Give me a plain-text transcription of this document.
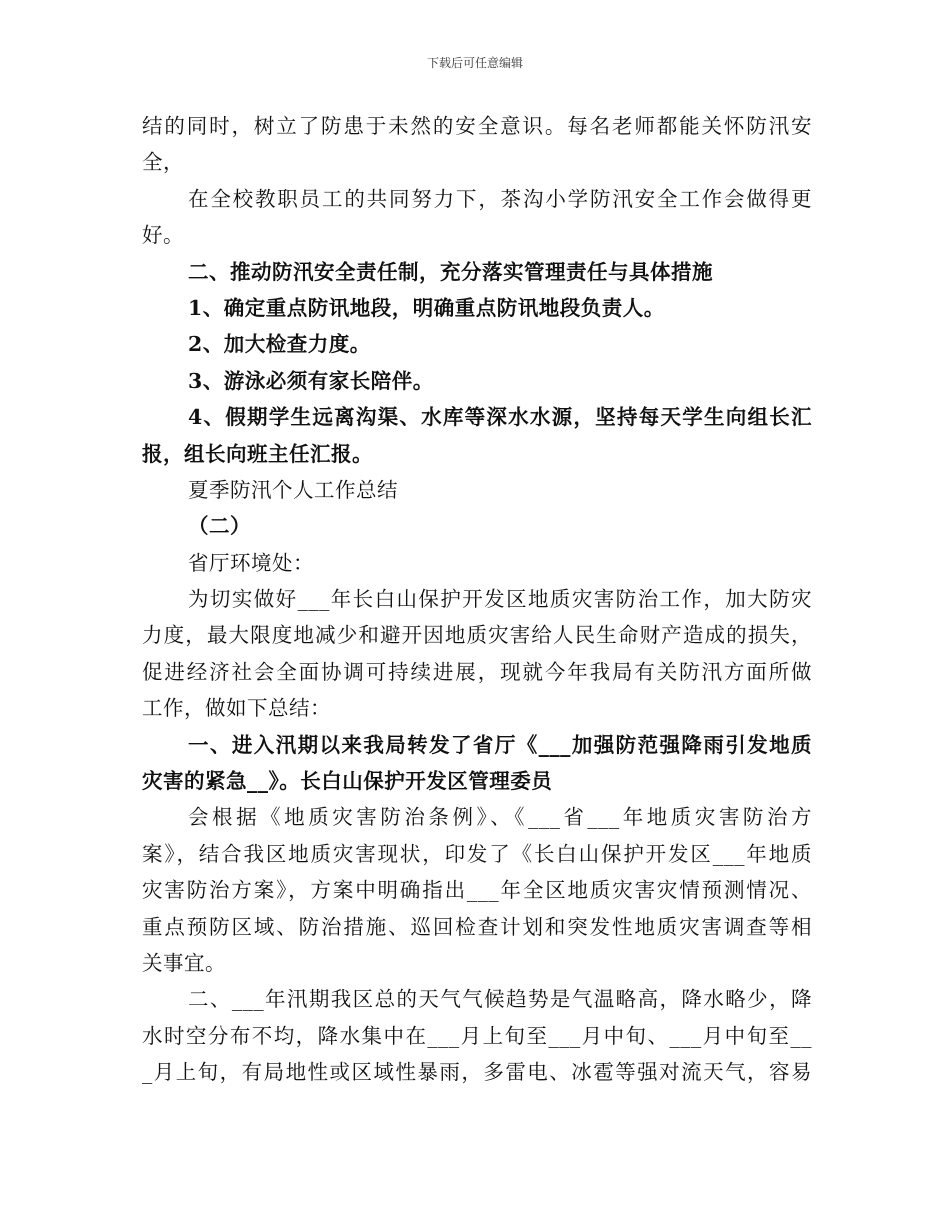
下载后可任意编辑
结的同时，树立了防患于未然的安全意识。每名老师都能关怀防汛安
全，
在全校教职员工的共同努力下，茶沟小学防汛安全工作会做得更
好。
二、推动防汛安全责任制，充分落实管理责任与具体措施
1、确定重点防讯地段，明确重点防讯地段负责人。
2、加大检查力度。
3、游泳必须有家长陪伴。
4、假期学生远离沟渠、水库等深水水源，坚持每天学生向组长汇
报，组长向班主任汇报。
夏季防汛个人工作总结
（二）
省厅环境处：
为切实做好___年长白山保护开发区地质灾害防治工作，加大防灾
力度，最大限度地减少和避开因地质灾害给人民生命财产造成的损失，
促进经济社会全面协调可持续进展，现就今年我局有关防汛方面所做
工作，做如下总结：
一、进入汛期以来我局转发了省厅《___加强防范强降雨引发地质
灾害的紧急__》。长白山保护开发区管理委员
会根据《地质灾害防治条例》、《___省___年地质灾害防治方
案》，结合我区地质灾害现状，印发了《长白山保护开发区___年地质
灾害防治方案》，方案中明确指出___年全区地质灾害灾情预测情况、
重点预防区域、防治措施、巡回检查计划和突发性地质灾害调查等相
关事宜。
二、___年汛期我区总的天气气候趋势是气温略高，降水略少，降
水时空分布不均，降水集中在___月上旬至___月中旬、___月中旬至__
_月上旬，有局地性或区域性暴雨，多雷电、冰雹等强对流天气，容易
